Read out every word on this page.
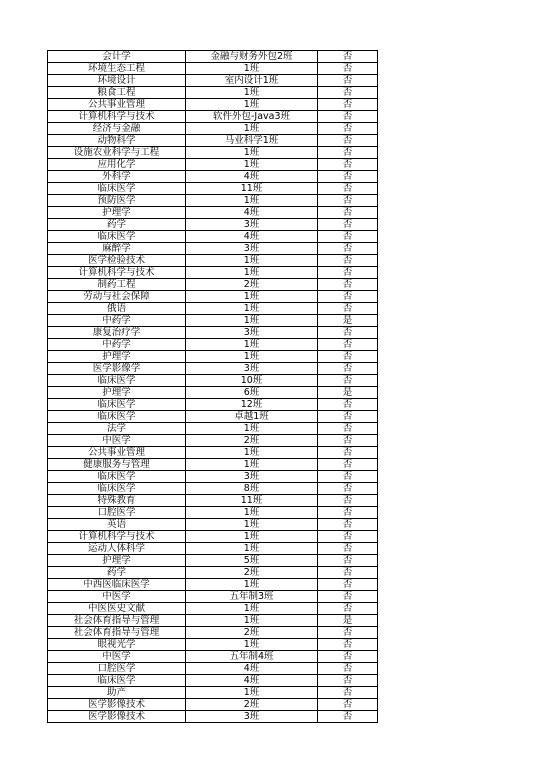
会计学	金融与财务外包2班	否
环境生态工程	1班	否
环境设计	室内设计1班	否
粮食工程	1班	否
公共事业管理	1班	否
计算机科学与技术	软件外包-Java3班	否
经济与金融	1班	否
动物科学	马业科学1班	否
设施农业科学与工程	1班	否
应用化学	1班	否
外科学	4班	否
临床医学	11班	否
预防医学	1班	否
护理学	4班	否
药学	3班	否
临床医学	4班	否
麻醉学	3班	否
医学检验技术	1班	否
计算机科学与技术	1班	否
制药工程	2班	否
劳动与社会保障	1班	否
俄语	1班	否
中药学	1班	是
康复治疗学	3班	否
中药学	1班	否
护理学	1班	否
医学影像学	3班	否
临床医学	10班	否
护理学	6班	是
临床医学	12班	否
临床医学	卓越1班	否
法学	1班	否
中医学	2班	否
公共事业管理	1班	否
健康服务与管理	1班	否
临床医学	3班	否
临床医学	8班	否
特殊教育	11班	否
口腔医学	1班	否
英语	1班	否
计算机科学与技术	1班	否
运动人体科学	1班	否
护理学	5班	否
药学	2班	否
中西医临床医学	1班	否
中医学	五年制3班	否
中医医史文献	1班	否
社会体育指导与管理	1班	是
社会体育指导与管理	2班	否
眼视光学	1班	否
中医学	五年制4班	否
口腔医学	4班	否
临床医学	4班	否
助产	1班	否
医学影像技术	2班	否
医学影像技术	3班	否
